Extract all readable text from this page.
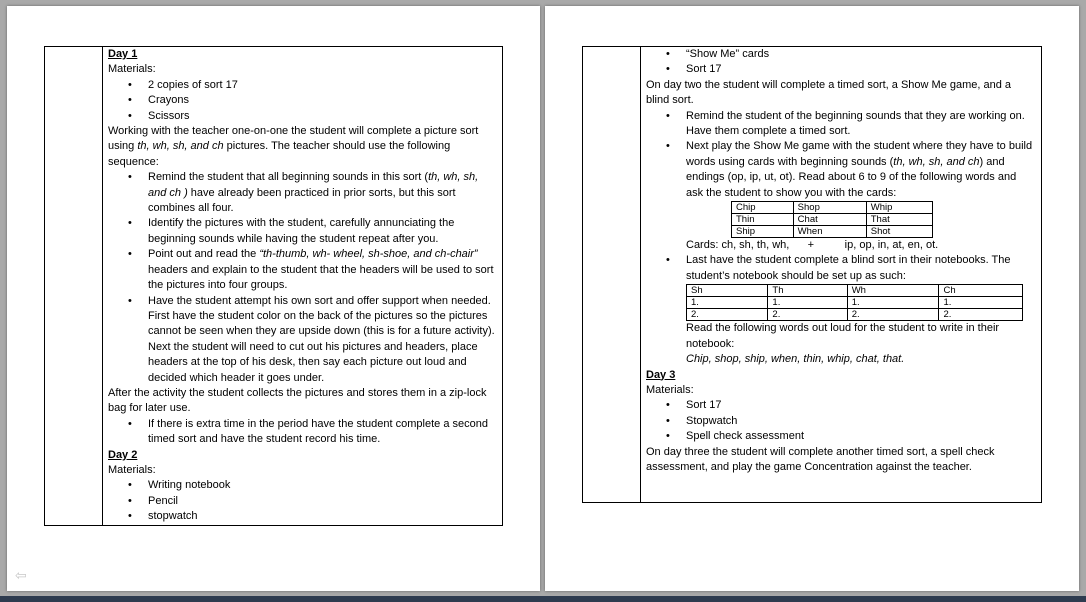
Day 1

Materials:

• 2 copies of sort 17
• Crayons
• Scissors

Working with the teacher one-on-one the student will complete a picture sort using th, wh, sh, and ch pictures. The teacher should use the following sequence:

• Remind the student that all beginning sounds in this sort (th, wh, sh, and ch ) have already been practiced in prior sorts, but this sort combines all four.
• Identify the pictures with the student, carefully annunciating the beginning sounds while having the student repeat after you.
• Point out and read the “th-thumb, wh- wheel, sh-shoe, and ch-chair” headers and explain to the student that the headers will be used to sort the pictures into four groups.
• Have the student attempt his own sort and offer support when needed. First have the student color on the back of the pictures so the pictures cannot be seen when they are upside down (this is for a future activity). Next the student will need to cut out his pictures and headers, place headers at the top of his desk, then say each picture out loud and decided which header it goes under.

After the activity the student collects the pictures and stores them in a zip-lock bag for later use.

• If there is extra time in the period have the student complete a second timed sort and have the student record his time.

Day 2

Materials:

• Writing notebook
• Pencil
• stopwatch
• “Show Me” cards
• Sort 17

On day two the student will complete a timed sort, a Show Me game, and a blind sort.

• Remind the student of the beginning sounds that they are working on. Have them complete a timed sort.
• Next play the Show Me game with the student where they have to build words using cards with beginning sounds (th, wh, sh, and ch) and endings (op, ip, ut, ot). Read about 6 to 9 of the following words and ask the student to show you with the cards:
Chip	Shop	Whip
Thin	Chat	That
Ship	When	Shot

Cards: ch, sh, th, wh, +	ip, op, in, at, en, ot.

• Last have the student complete a blind sort in their notebooks. The student’s notebook should be set up as such:
Sh	Th	Wh	Ch
1.	1.	1.	1.
2.	2.	2.	2.

Read the following words out loud for the student to write in their notebook:

Chip, shop, ship, when, thin, whip, chat, that.

Day 3

Materials:

• Sort 17
• Stopwatch
• Spell check assessment

On day three the student will complete another timed sort, a spell check assessment, and play the game Concentration against the teacher.

⇦
